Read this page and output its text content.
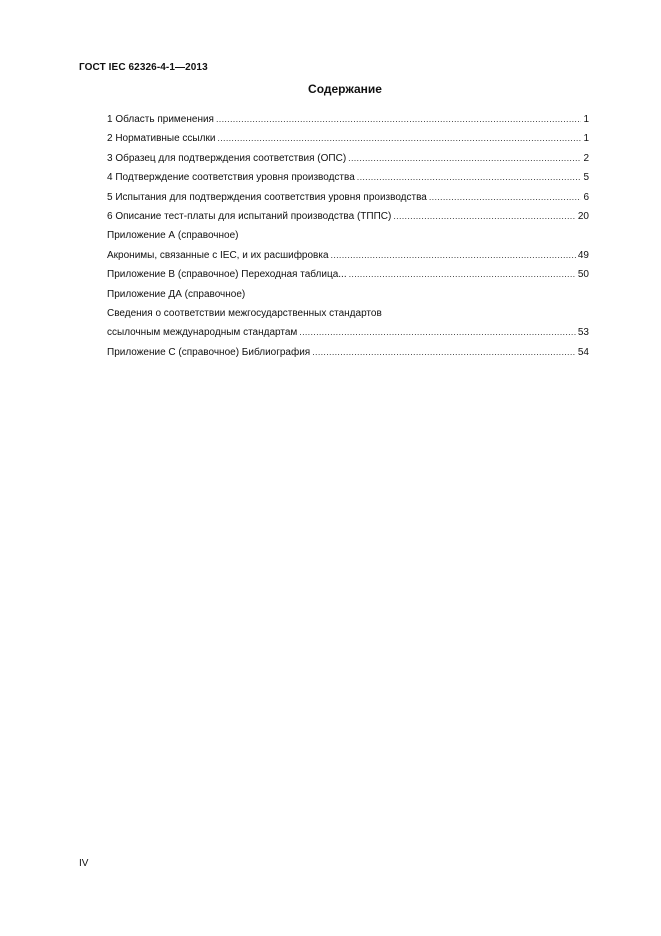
ГОСТ IEC 62326-4-1—2013
Содержание
1 Область применения .....	1
2 Нормативные ссылки .....	1
3 Образец для подтверждения соответствия (ОПС) .....	2
4 Подтверждение соответствия уровня производства .....	5
5 Испытания для подтверждения соответствия уровня производства .....	6
6 Описание тест-платы для испытаний производства (ТППС) .....	20
Приложение А (справочное)
Акронимы, связанные с IEC, и их расшифровка .....	49
Приложение В (справочное) Переходная таблица... .....	50
Приложение ДА (справочное)
Сведения о соответствии межгосударственных стандартов
ссылочным международным стандартам .....	53
Приложение С (справочное) Библиография .....	54
IV
